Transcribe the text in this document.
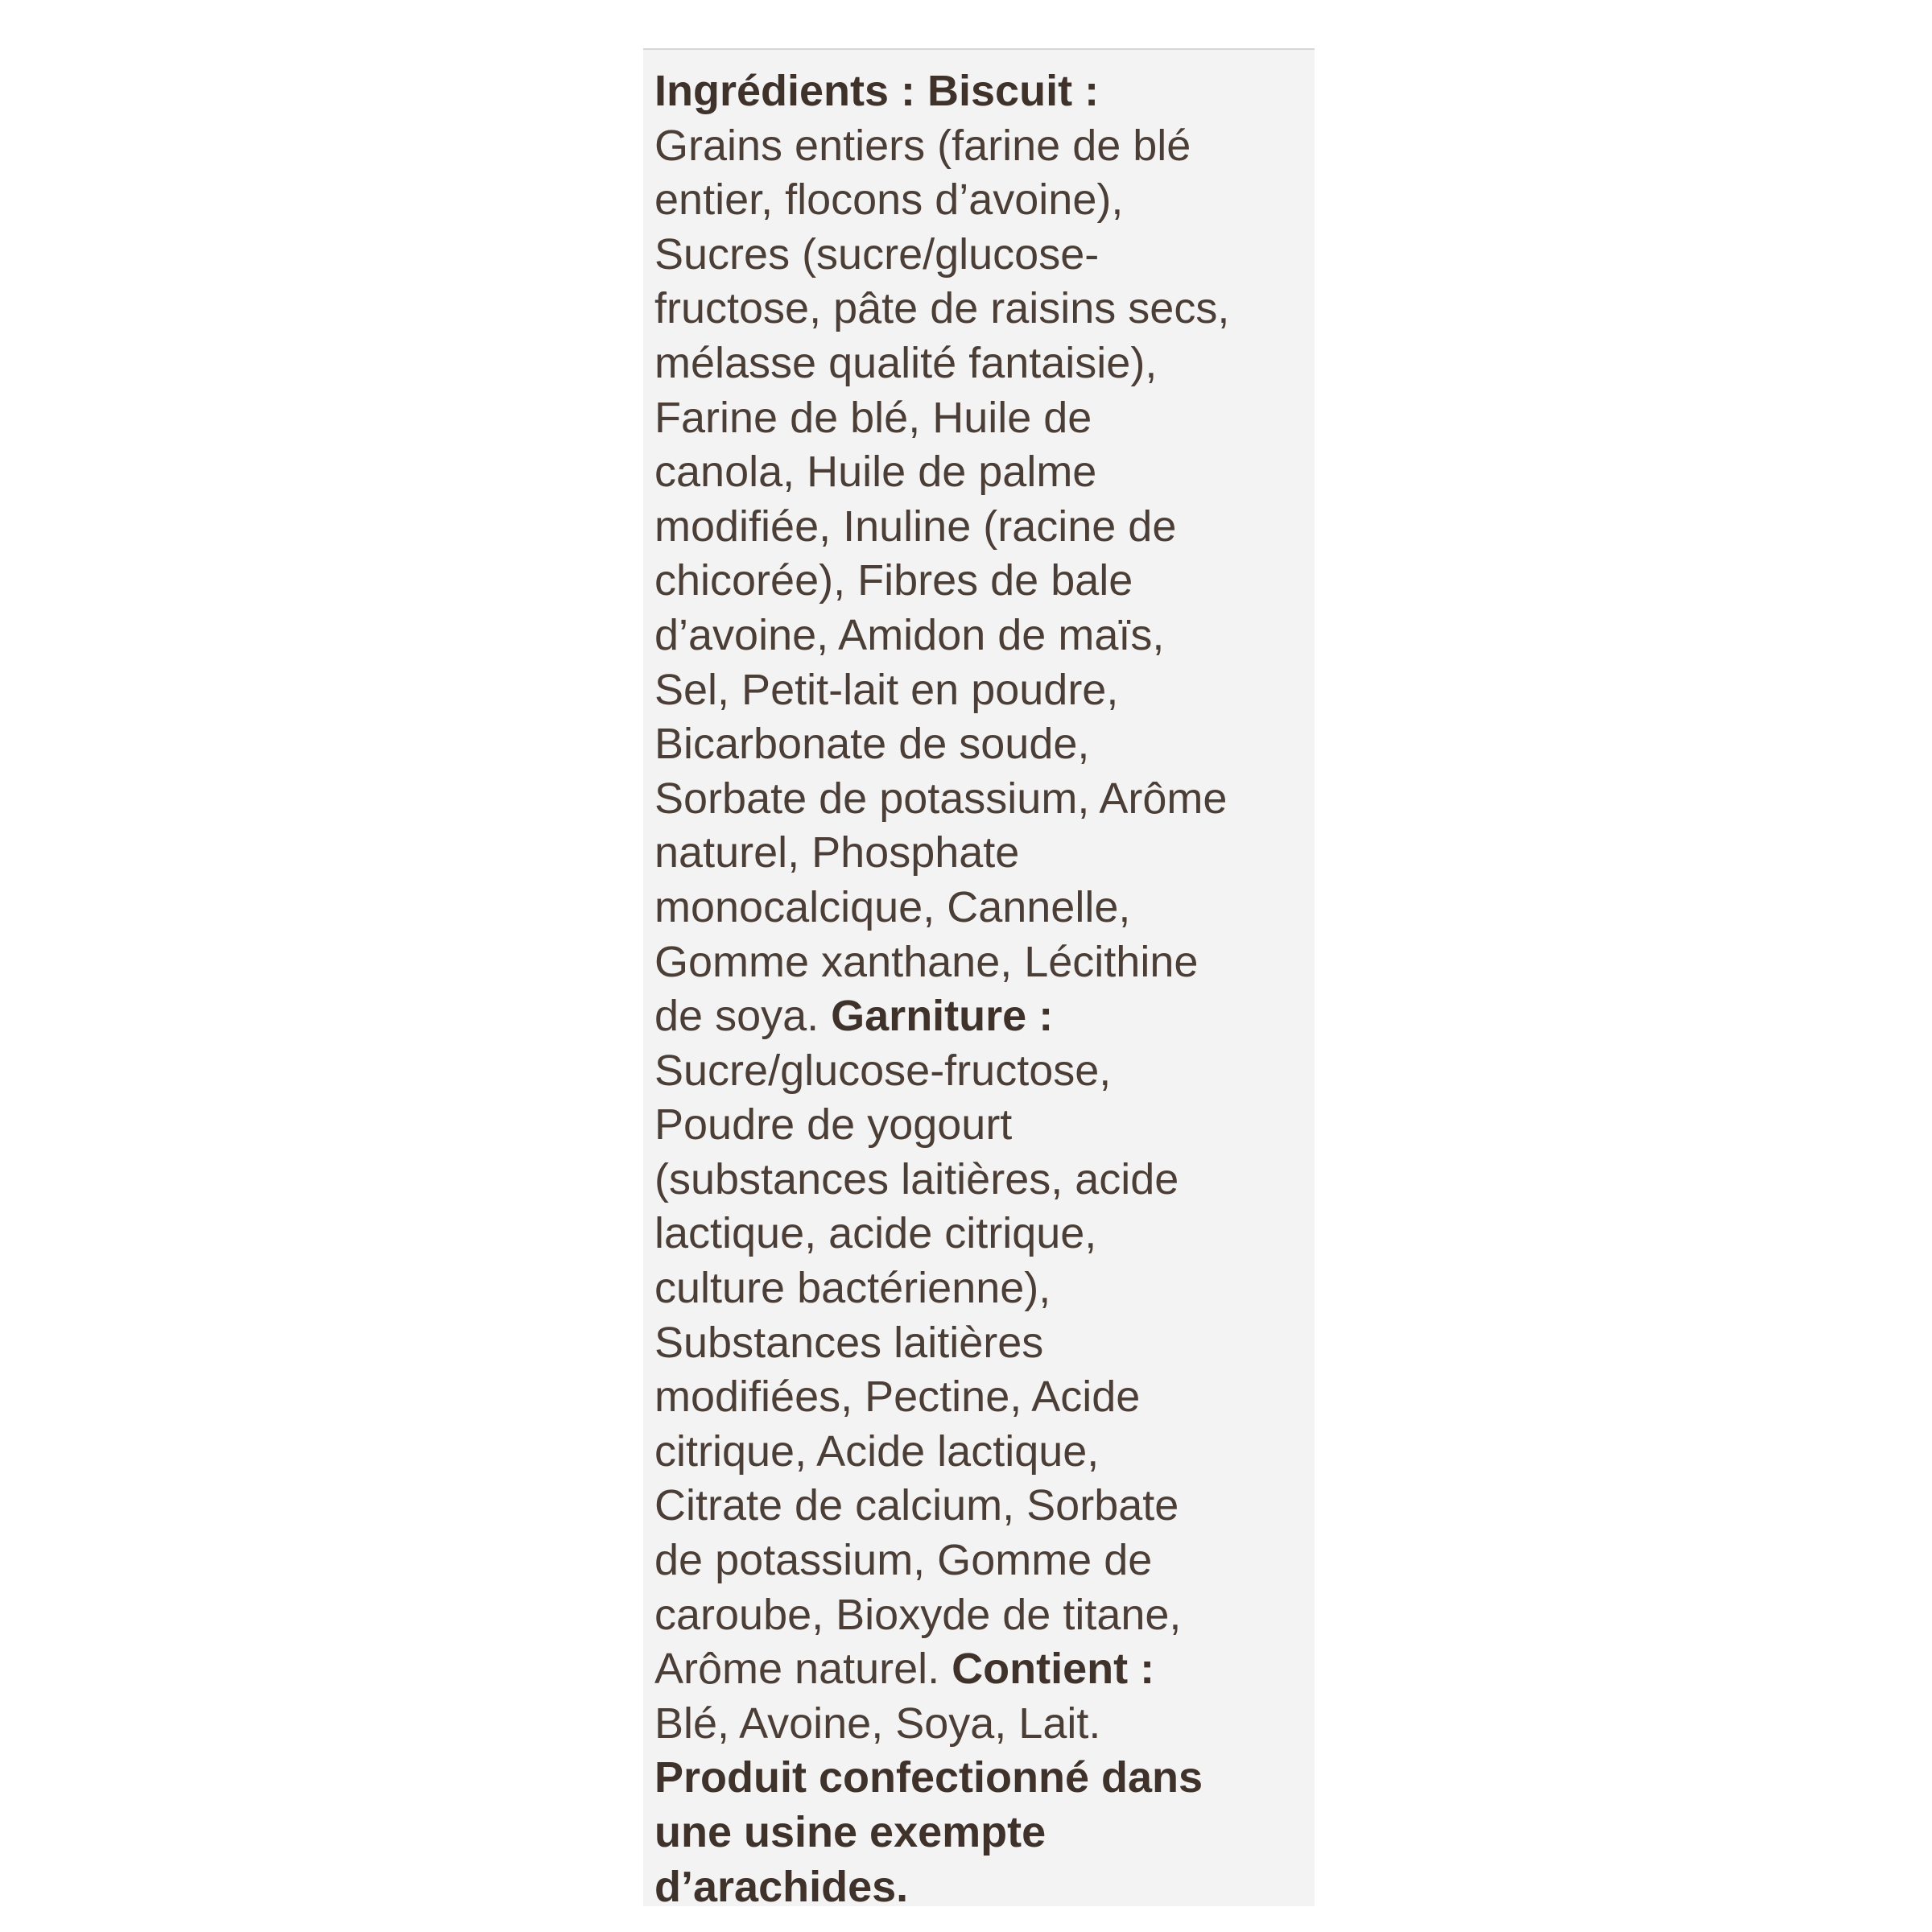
Ingrédients : Biscuit :
Grains entiers (farine de blé
entier, flocons d’avoine),
Sucres (sucre/glucose-
fructose, pâte de raisins secs,
mélasse qualité fantaisie),
Farine de blé, Huile de
canola, Huile de palme
modifiée, Inuline (racine de
chicorée), Fibres de bale
d’avoine, Amidon de maïs,
Sel, Petit-lait en poudre,
Bicarbonate de soude,
Sorbate de potassium, Arôme
naturel, Phosphate
monocalcique, Cannelle,
Gomme xanthane, Lécithine
de soya. Garniture :
Sucre/glucose-fructose,
Poudre de yogourt
(substances laitières, acide
lactique, acide citrique,
culture bactérienne),
Substances laitières
modifiées, Pectine, Acide
citrique, Acide lactique,
Citrate de calcium, Sorbate
de potassium, Gomme de
caroube, Bioxyde de titane,
Arôme naturel. Contient :
Blé, Avoine, Soya, Lait.
Produit confectionné dans
une usine exempte
d’arachides.
